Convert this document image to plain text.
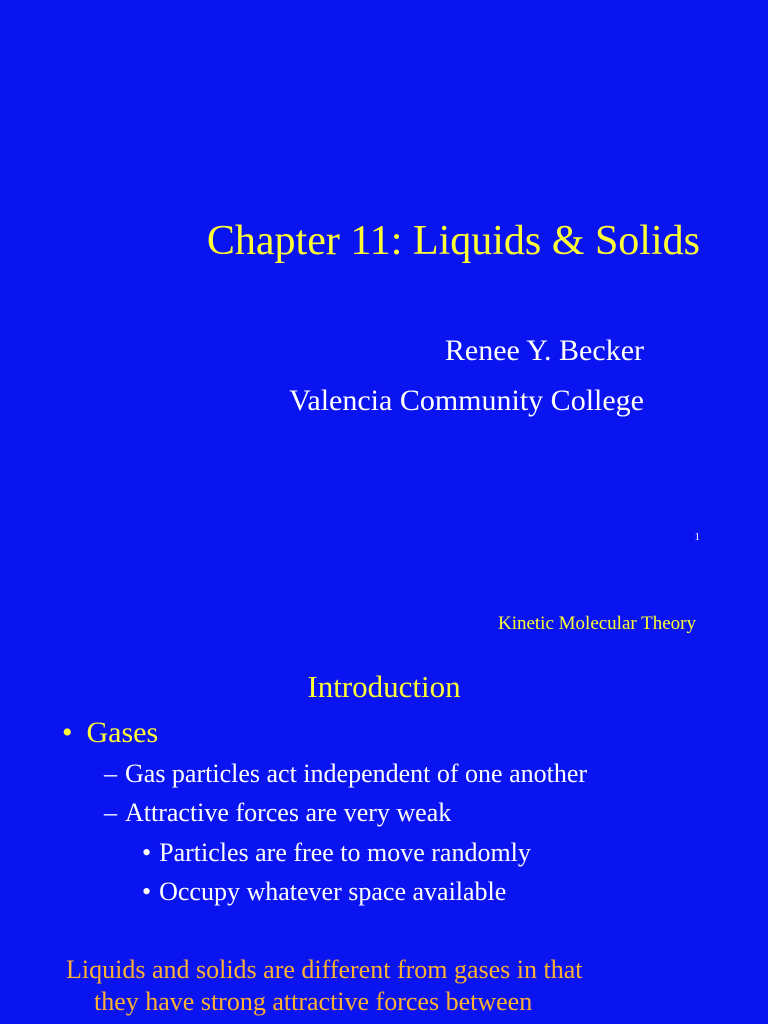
Chapter 11: Liquids & Solids
Renee Y. Becker
Valencia Community College
1
Kinetic Molecular Theory
Introduction
• Gases
– Gas particles act independent of one another
– Attractive forces are very weak
• Particles are free to move randomly
• Occupy whatever space available
Liquids and solids are different from gases in that
they have strong attractive forces between
